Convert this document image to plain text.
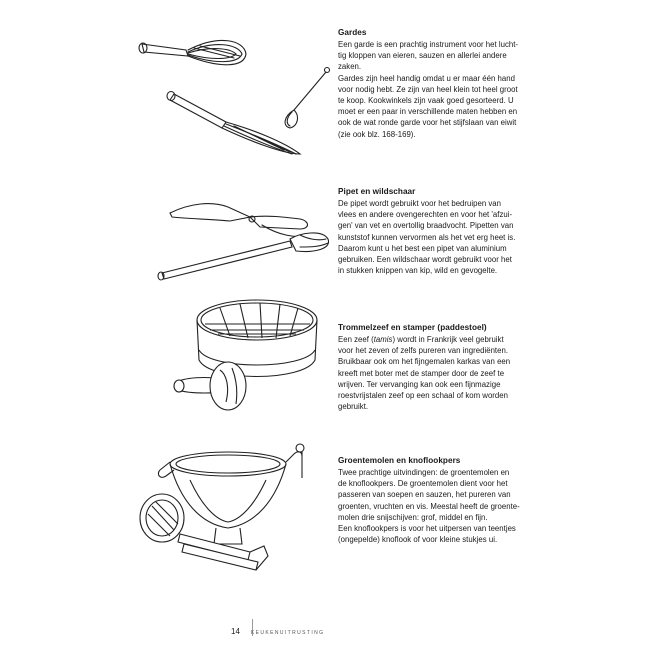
Gardes

Een garde is een prachtig instrument voor het lucht-

tig kloppen van eieren, sauzen en allerlei andere

zaken.

Gardes zijn heel handig omdat u er maar één hand

voor nodig hebt. Ze zijn van heel klein tot heel groot

te koop. Kookwinkels zijn vaak goed gesorteerd. U

moet er een paar in verschillende maten hebben en

ook de wat ronde garde voor het stijfslaan van eiwit

(zie ook blz. 168-169).

Pipet en wildschaar

De pipet wordt gebruikt voor het bedruipen van

vlees en andere ovengerechten en voor het 'afzui-

gen' van vet en overtollig braadvocht. Pipetten van

kunststof kunnen vervormen als het vet erg heet is.

Daarom kunt u het best een pipet van aluminium

gebruiken. Een wildschaar wordt gebruikt voor het

in stukken knippen van kip, wild en gevogelte.

Trommelzeef en stamper (paddestoel)

Een zeef (tamis) wordt in Frankrijk veel gebruikt

voor het zeven of zelfs pureren van ingrediënten.

Bruikbaar ook om het fijngemalen karkas van een

kreeft met boter met de stamper door de zeef te

wrijven. Ter vervanging kan ook een fijnmazige

roestvrijstalen zeef op een schaal of kom worden

gebruikt.

Groentemolen en knoflookpers

Twee prachtige uitvindingen: de groentemolen en

de knoflookpers. De groentemolen dient voor het

passeren van soepen en sauzen, het pureren van

groenten, vruchten en vis. Meestal heeft de groente-

molen drie snijschijven: grof, middel en fijn.

Een knoflookpers is voor het uitpersen van teentjes

(ongepelde) knoflook of voor kleine stukjes ui.

14 KEUKENUITRUSTING
